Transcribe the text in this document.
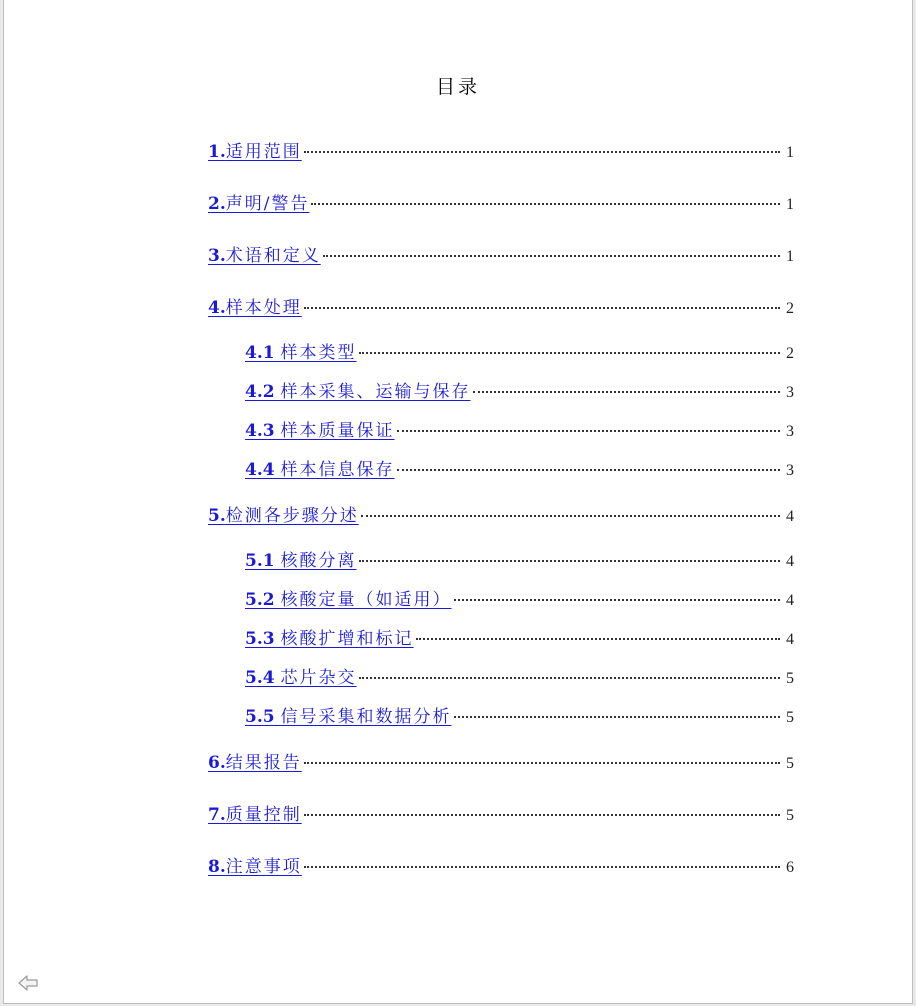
目录
1.适用范围	1
2.声明/警告	1
3.术语和定义	1
4.样本处理	2
4.1 样本类型	2
4.2 样本采集、运输与保存	3
4.3 样本质量保证	3
4.4 样本信息保存	3
5.检测各步骤分述	4
5.1 核酸分离	4
5.2 核酸定量（如适用）	4
5.3 核酸扩增和标记	4
5.4 芯片杂交	5
5.5 信号采集和数据分析	5
6.结果报告	5
7.质量控制	5
8.注意事项	6
